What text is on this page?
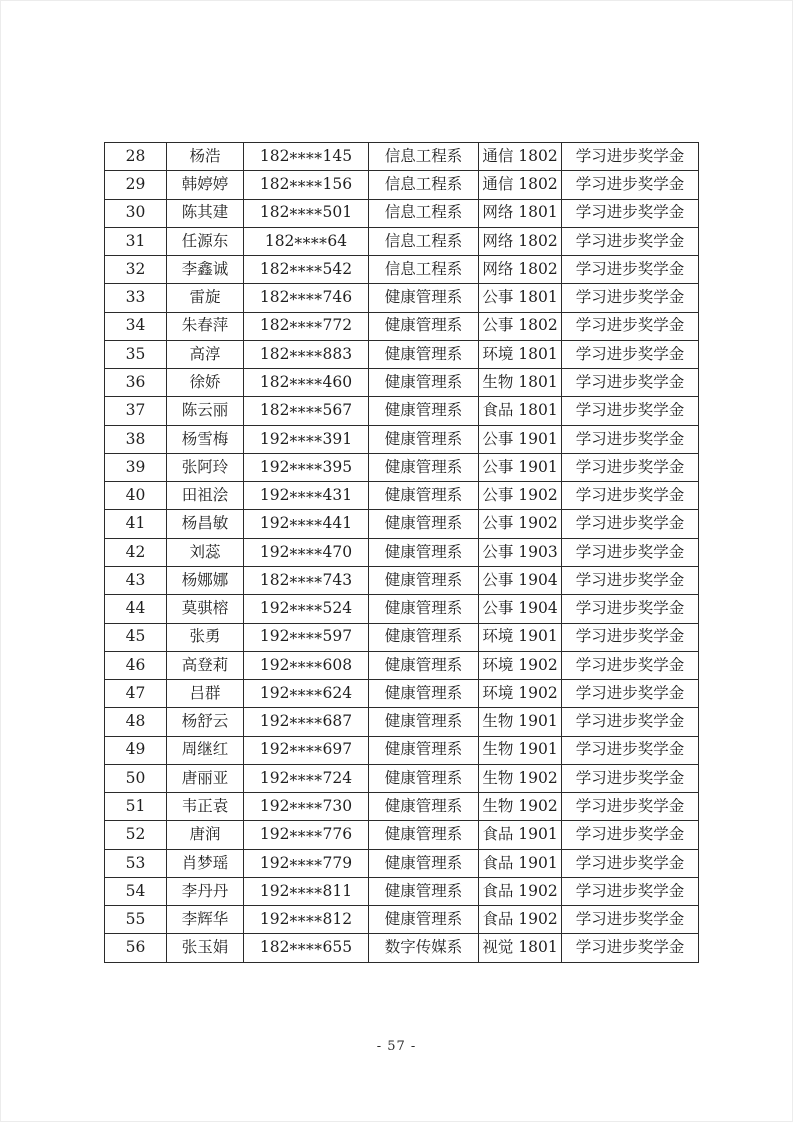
28	杨浩	182****145	信息工程系	通信 1802	学习进步奖学金
29	韩婷婷	182****156	信息工程系	通信 1802	学习进步奖学金
30	陈其建	182****501	信息工程系	网络 1801	学习进步奖学金
31	任源东	182****64	信息工程系	网络 1802	学习进步奖学金
32	李鑫诚	182****542	信息工程系	网络 1802	学习进步奖学金
33	雷旋	182****746	健康管理系	公事 1801	学习进步奖学金
34	朱春萍	182****772	健康管理系	公事 1802	学习进步奖学金
35	高淳	182****883	健康管理系	环境 1801	学习进步奖学金
36	徐娇	182****460	健康管理系	生物 1801	学习进步奖学金
37	陈云丽	182****567	健康管理系	食品 1801	学习进步奖学金
38	杨雪梅	192****391	健康管理系	公事 1901	学习进步奖学金
39	张阿玲	192****395	健康管理系	公事 1901	学习进步奖学金
40	田祖浍	192****431	健康管理系	公事 1902	学习进步奖学金
41	杨昌敏	192****441	健康管理系	公事 1902	学习进步奖学金
42	刘蕊	192****470	健康管理系	公事 1903	学习进步奖学金
43	杨娜娜	182****743	健康管理系	公事 1904	学习进步奖学金
44	莫骐榕	192****524	健康管理系	公事 1904	学习进步奖学金
45	张勇	192****597	健康管理系	环境 1901	学习进步奖学金
46	高登莉	192****608	健康管理系	环境 1902	学习进步奖学金
47	吕群	192****624	健康管理系	环境 1902	学习进步奖学金
48	杨舒云	192****687	健康管理系	生物 1901	学习进步奖学金
49	周继红	192****697	健康管理系	生物 1901	学习进步奖学金
50	唐丽亚	192****724	健康管理系	生物 1902	学习进步奖学金
51	韦正袁	192****730	健康管理系	生物 1902	学习进步奖学金
52	唐润	192****776	健康管理系	食品 1901	学习进步奖学金
53	肖梦瑶	192****779	健康管理系	食品 1901	学习进步奖学金
54	李丹丹	192****811	健康管理系	食品 1902	学习进步奖学金
55	李辉华	192****812	健康管理系	食品 1902	学习进步奖学金
56	张玉娟	182****655	数字传媒系	视觉 1801	学习进步奖学金
- 57 -
